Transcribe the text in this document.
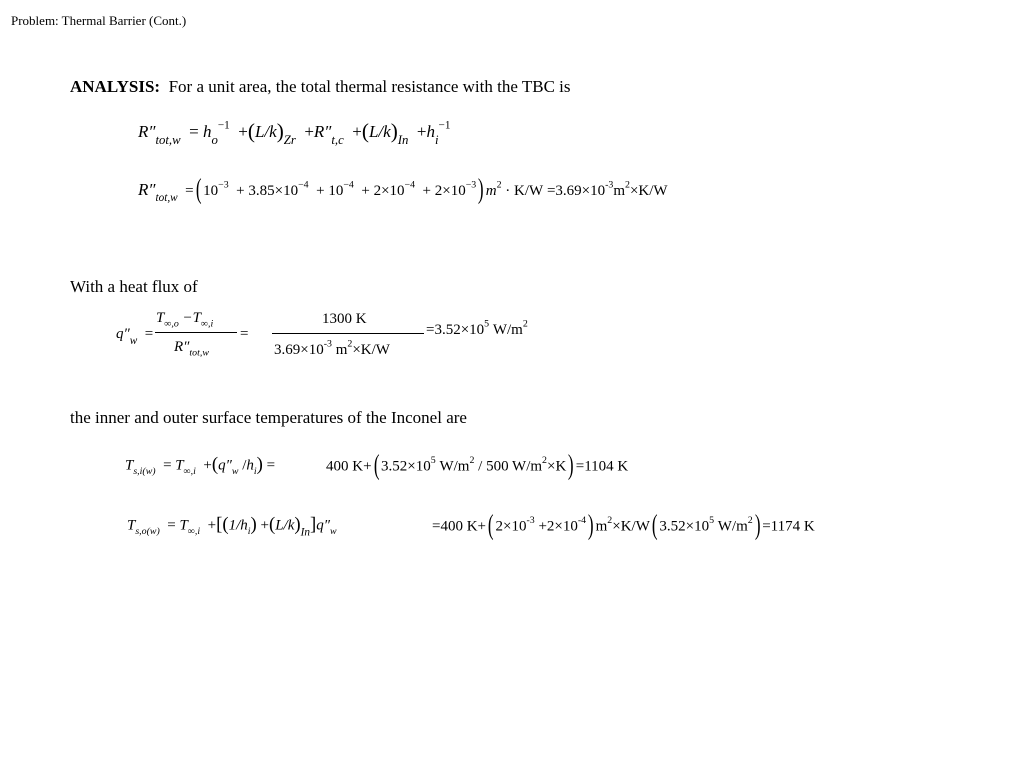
Problem: Thermal Barrier (Cont.)
ANALYSIS: For a unit area, the total thermal resistance with the TBC is
$R''_{tot,w} = h_o^{-1} +(L/k)_{Zr} +R''_{t,c} +(L/k)_{In} +h_i^{-1}$
$R''_{tot,w}$  =( $10^{-3} + 3.85\times 10^{-4} + 10^{-4} + 2\times 10^{-4} + 2\times 10^{-3}$) $m^2 \cdot K/W =3.69\times 10^{-3}m^2\times K/W$
With a heat flux of
$q''_w$  =
$T_{\infty,o} -T_{\infty,i}$
$R''_{tot,w}$
=
1300 K
$3.69\times 10^{-3}$ $m^2\times K/W$
$=3.52\times 10^5$ $W/m^2$
the inner and outer surface temperatures of the Inconel are
$T_{s,i(w)} = T_{\infty,i} +(q''_w$ $/h_i$) =	400 K+( $3.52\times 10^5$ $W/m^2 / 500$ $W/m^2\times K) =1104$ K
$T_{s,o(w)} = T_{\infty,i} +[(1/h_i) +(L/k)_{In}]q''_w$	=400 K+( $2\times 10^{-3} +2\times 10^{-4}$) $m^2\times K/W$( $3.52\times 10^5$ $W/m^2) =1174$ K
